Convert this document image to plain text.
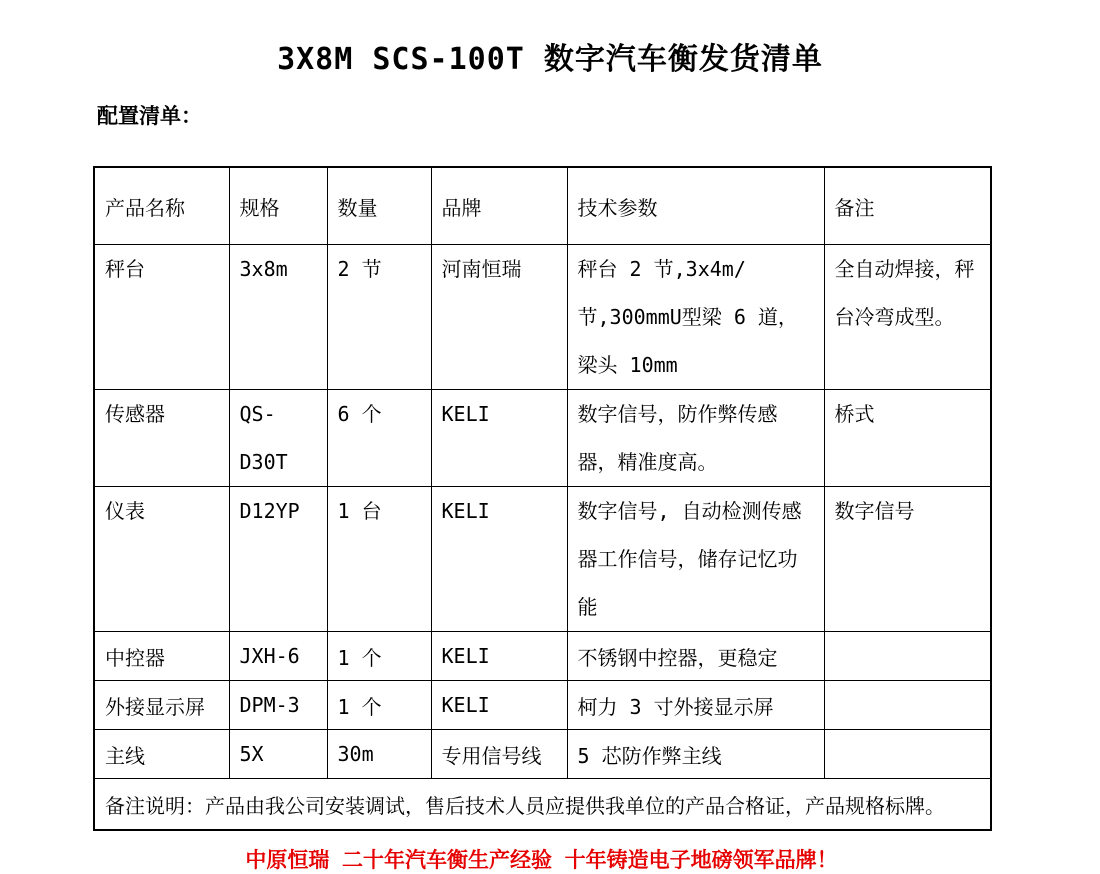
3X8M SCS-100T 数字汽车衡发货清单

配置清单：

产品名称	规格	数量	品牌	技术参数	备注
秤台	3x8m	2 节	河南恒瑞	秤台 2 节,3x4m/节,300mmU型梁 6 道，梁头 10mm	全自动焊接，秤台冷弯成型。
传感器	QS-D30T	6 个	KELI	数字信号，防作弊传感器，精准度高。	桥式
仪表	D12YP	1 台	KELI	数字信号, 自动检测传感器工作信号，储存记忆功能	数字信号
中控器	JXH-6	1 个	KELI	不锈钢中控器，更稳定	
外接显示屏	DPM-3	1 个	KELI	柯力 3 寸外接显示屏	
主线	5X	30m	专用信号线	5 芯防作弊主线	
备注说明：产品由我公司安装调试，售后技术人员应提供我单位的产品合格证，产品规格标牌。					
中原恒瑞 二十年汽车衡生产经验 十年铸造电子地磅领军品牌！
